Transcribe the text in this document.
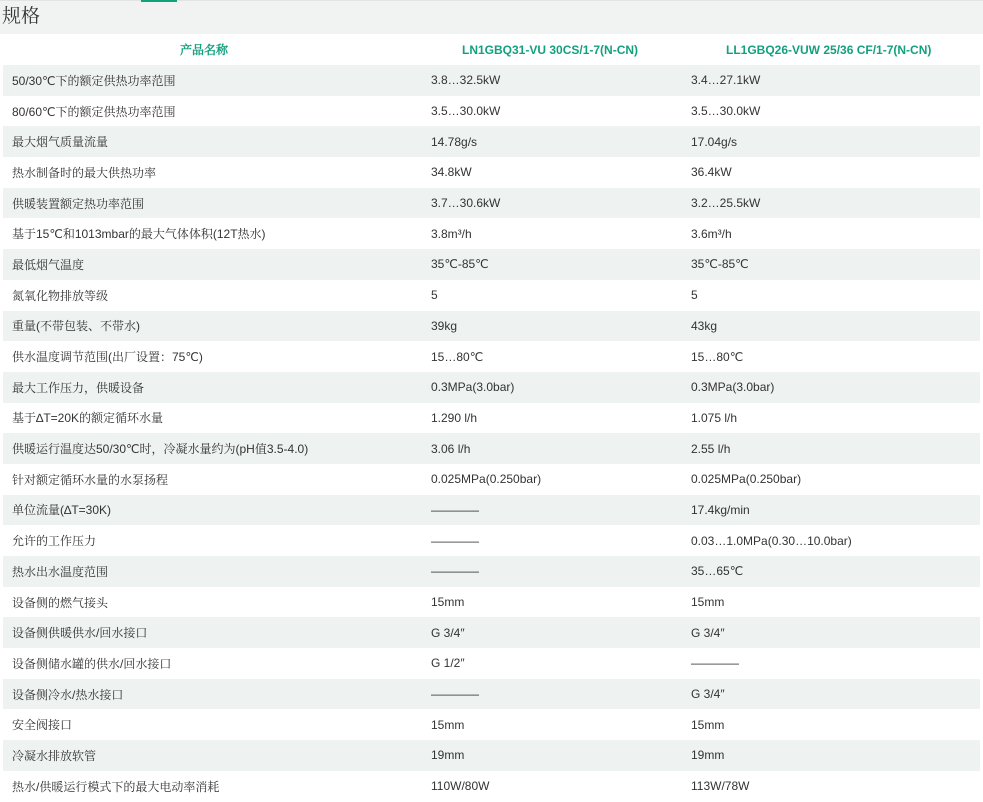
规格
产品名称	LN1GBQ31-VU 30CS/1-7(N-CN)	LL1GBQ26-VUW 25/36 CF/1-7(N-CN)
50/30℃下的额定供热功率范围	3.8…32.5kW	3.4…27.1kW
80/60℃下的额定供热功率范围	3.5…30.0kW	3.5…30.0kW
最大烟气质量流量	14.78g/s	17.04g/s
热水制备时的最大供热功率	34.8kW	36.4kW
供暖装置额定热功率范围	3.7…30.6kW	3.2…25.5kW
基于15℃和1013mbar的最大气体体积(12T热水)	3.8m³/h	3.6m³/h
最低烟气温度	35℃-85℃	35℃-85℃
氮氧化物排放等级	5	5
重量(不带包装、不带水)	39kg	43kg
供水温度调节范围(出厂设置：75℃)	15…80℃	15…80℃
最大工作压力，供暖设备	0.3MPa(3.0bar)	0.3MPa(3.0bar)
基于∆T=20K的额定循环水量	1.290 l/h	1.075 l/h
供暖运行温度达50/30℃时，冷凝水量约为(pH值3.5-4.0)	3.06 l/h	2.55 l/h
针对额定循环水量的水泵扬程	0.025MPa(0.250bar)	0.025MPa(0.250bar)
单位流量(∆T=30K)	————	17.4kg/min
允许的工作压力	————	0.03…1.0MPa(0.30…10.0bar)
热水出水温度范围	————	35…65℃
设备侧的燃气接头	15mm	15mm
设备侧供暖供水/回水接口	G 3/4″	G 3/4″
设备侧储水罐的供水/回水接口	G 1/2″	————
设备侧冷水/热水接口	————	G 3/4″
安全阀接口	15mm	15mm
冷凝水排放软管	19mm	19mm
热水/供暖运行模式下的最大电动率消耗	110W/80W	113W/78W
